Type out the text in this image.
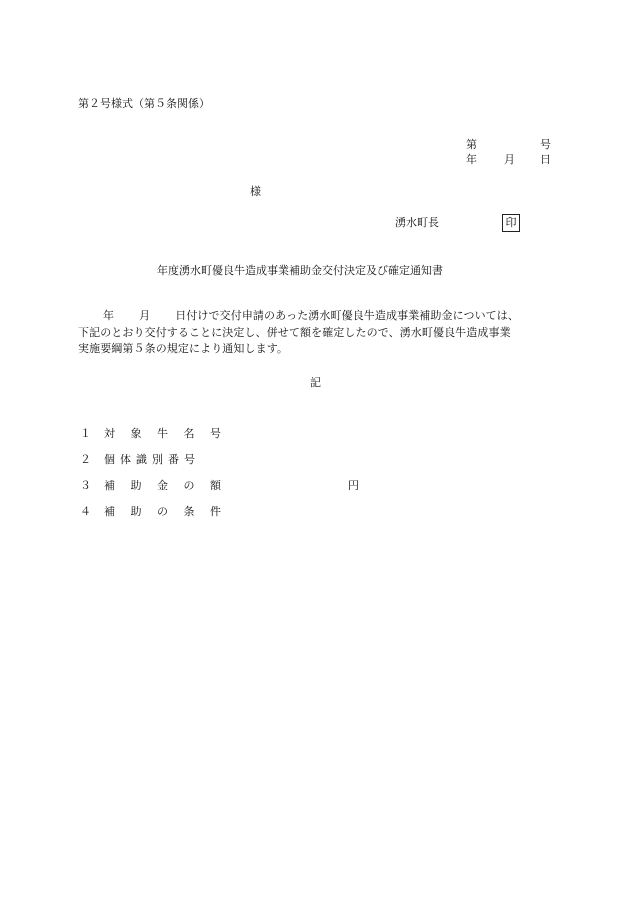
第２号様式（第５条関係）
第	号
年 月 日
様
湧水町長	印
年度湧水町優良牛造成事業補助金交付決定及び確定通知書
年 月 日付けで交付申請のあった湧水町優良牛造成事業補助金については、
下記のとおり交付することに決定し、併せて額を確定したので、湧水町優良牛造成事業
実施要綱第５条の規定により通知します。
記
１ 対 象 牛 名 号
２ 個体識別番号
３ 補 助 金 の 額	円
４ 補 助 の 条 件
